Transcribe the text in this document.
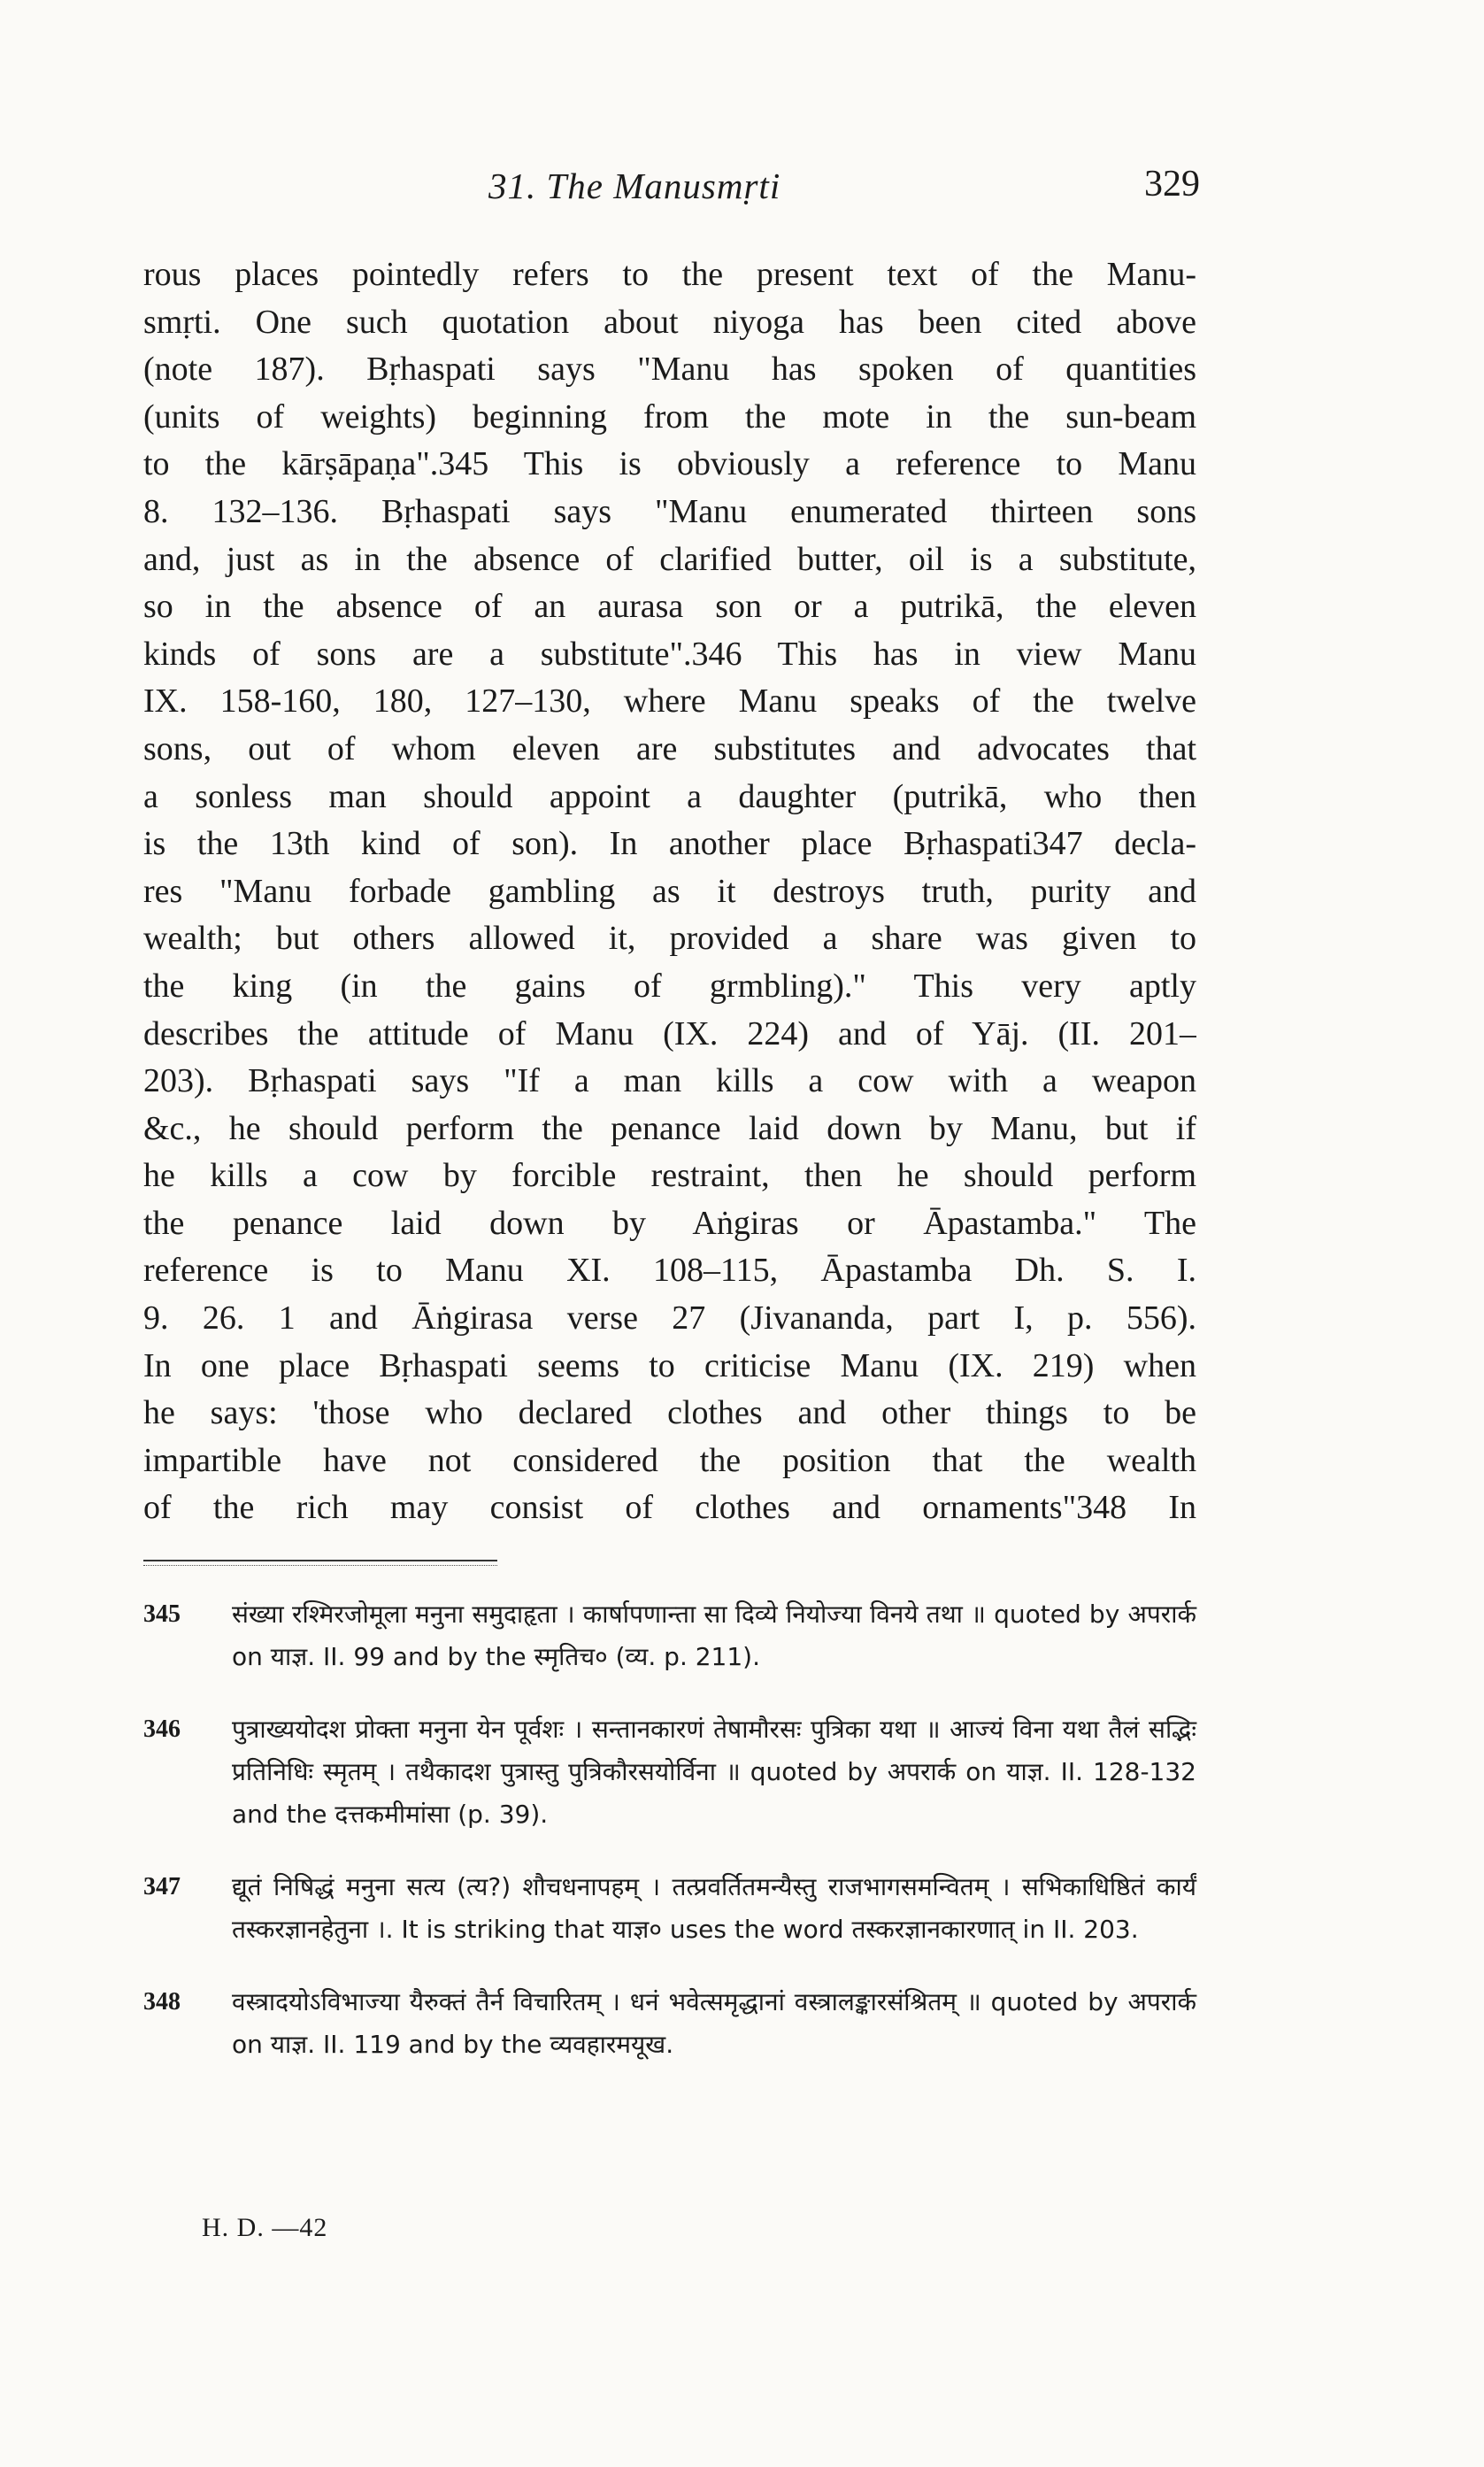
31. The Manusmṛti	329
rous places pointedly refers to the present text of the Manu-
smṛti. One such quotation about niyoga has been cited above
(note 187). Bṛhaspati says "Manu has spoken of quantities
(units of weights) beginning from the mote in the sun-beam
to the kārṣāpaṇa".345 This is obviously a reference to Manu
8. 132–136. Bṛhaspati says "Manu enumerated thirteen sons
and, just as in the absence of clarified butter, oil is a substitute,
so in the absence of an aurasa son or a putrikā, the eleven
kinds of sons are a substitute".346 This has in view Manu
IX. 158-160, 180, 127–130, where Manu speaks of the twelve
sons, out of whom eleven are substitutes and advocates that
a sonless man should appoint a daughter (putrikā, who then
is the 13th kind of son). In another place Bṛhaspati347 decla-
res "Manu forbade gambling as it destroys truth, purity and
wealth; but others allowed it, provided a share was given to
the king (in the gains of grmbling)." This very aptly
describes the attitude of Manu (IX. 224) and of Yāj. (II. 201–
203). Bṛhaspati says "If a man kills a cow with a weapon
&c., he should perform the penance laid down by Manu, but if
he kills a cow by forcible restraint, then he should perform
the penance laid down by Aṅgiras or Āpastamba." The
reference is to Manu XI. 108–115, Āpastamba Dh. S. I.
9. 26. 1 and Āṅgirasa verse 27 (Jivananda, part I, p. 556).
In one place Bṛhaspati seems to criticise Manu (IX. 219) when
he says: 'those who declared clothes and other things to be
impartible have not considered the position that the wealth
of the rich may consist of clothes and ornaments"348 In
345 संख्या रश्मिरजोमूला मनुना समुदाहृता । कार्षापणान्ता सा दिव्ये नियोज्या विनये तथा ॥ quoted by अपरार्क on याज्ञ. II. 99 and by the स्मृतिच० (व्य. p. 211).
346 पुत्राख्ययोदश प्रोक्ता मनुना येन पूर्वशः । सन्तानकारणं तेषामौरसः पुत्रिका यथा ॥ आज्यं विना यथा तैलं सद्भिः प्रतिनिधिः स्मृतम् । तथैकादश पुत्रास्तु पुत्रिकौरसयोर्विना ॥ quoted by अपरार्क on याज्ञ. II. 128-132 and the दत्तकमीमांसा (p. 39).
347 द्यूतं निषिद्धं मनुना सत्य (त्य?) शौचधनापहम् । तत्प्रवर्तितमन्यैस्तु राजभागसमन्वितम् । सभिकाधिष्ठितं कार्यं तस्करज्ञानहेतुना ।. It is striking that याज्ञ० uses the word तस्करज्ञानकारणात् in II. 203.
348 वस्त्रादयोऽविभाज्या यैरुक्तं तैर्न विचारितम् । धनं भवेत्समृद्धानां वस्त्रालङ्कारसंश्रितम् ॥ quoted by अपरार्क on याज्ञ. II. 119 and by the व्यवहारमयूख.
H. D. —42
